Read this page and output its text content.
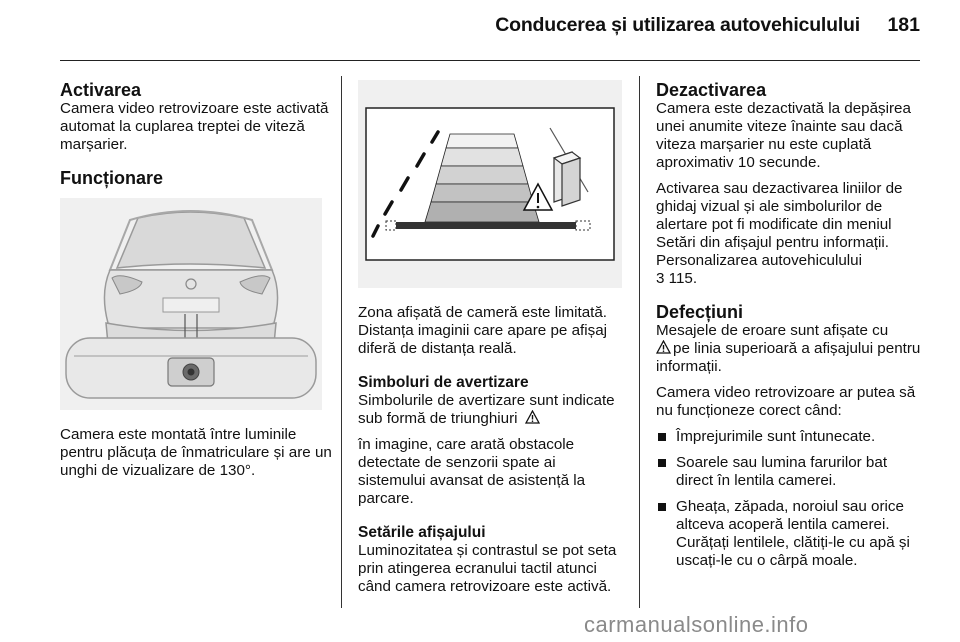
Conducerea și utilizarea autovehiculului	181
Activarea

Camera video retrovizoare este activată automat la cuplarea treptei de viteză marșarier.

Funcționare

Camera este montată între luminile pentru plăcuța de înmatriculare și are un unghi de vizualizare de 130°.

Zona afișată de cameră este limitată. Distanța imaginii care apare pe afișaj diferă de distanța reală.

Simboluri de avertizare

Simbolurile de avertizare sunt indicate sub formă de triunghiuri

în imagine, care arată obstacole detectate de senzorii spate ai sistemului avansat de asistență la parcare.

Setările afișajului

Luminozitatea și contrastul se pot seta prin atingerea ecranului tactil atunci când camera retrovizoare este activă.

Dezactivarea

Camera este dezactivată la depășirea unei anumite viteze înainte sau dacă viteza marșarier nu este cuplată aproximativ 10 secunde.

Activarea sau dezactivarea liniilor de ghidaj vizual și ale simbolurilor de alertare pot fi modificate din meniul Setări din afișajul pentru informații.
Personalizarea autovehiculului
3 115.

Defecțiuni

Mesajele de eroare sunt afișate cu
pe linia superioară a afișajului pentru informații.

Camera video retrovizoare ar putea să nu funcționeze corect când:

Împrejurimile sunt întunecate.
Soarele sau lumina farurilor bat direct în lentila camerei.
Gheața, zăpada, noroiul sau orice altceva acoperă lentila camerei. Curățați lentilele, clătiți-le cu apă și uscați-le cu o cârpă moale.
carmanualsonline.info
